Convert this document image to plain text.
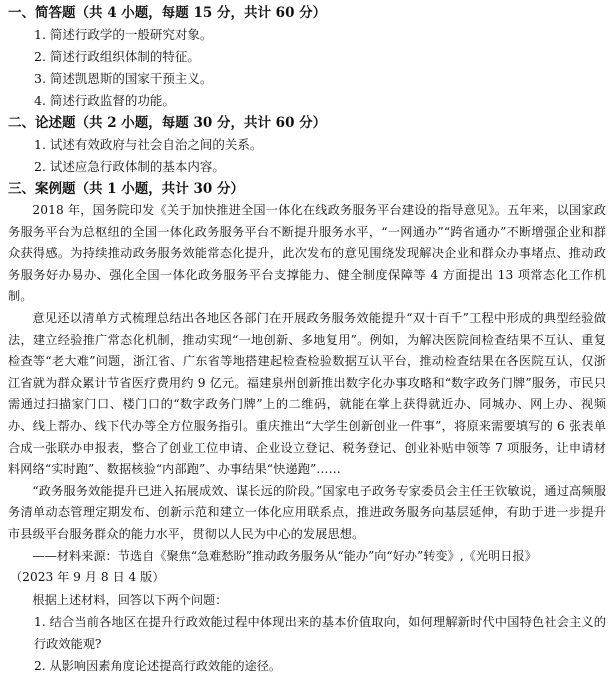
一、简答题（共 4 小题，每题 15 分，共计 60 分）

1. 简述行政学的一般研究对象。

2. 简述行政组织体制的特征。

3. 简述凯恩斯的国家干预主义。

4. 简述行政监督的功能。

二、论述题（共 2 小题，每题 30 分，共计 60 分）

1. 试述有效政府与社会自治之间的关系。

2. 试述应急行政体制的基本内容。

三、案例题（共 1 小题，共计 30 分）

2018 年，国务院印发《关于加快推进全国一体化在线政务服务平台建设的指导意见》。五年来，以国家政务服务平台为总枢纽的全国一体化政务服务平台不断提升服务水平，“一网通办”“跨省通办”不断增强企业和群众获得感。为持续推动政务服务效能常态化提升，此次发布的意见围绕发现解决企业和群众办事堵点、推动政务服务好办易办、强化全国一体化政务服务平台支撑能力、健全制度保障等 4 方面提出 13 项常态化工作机制。

意见还以清单方式梳理总结出各地区各部门在开展政务服务效能提升“双十百千”工程中形成的典型经验做法，建立经验推广常态化机制，推动实现“一地创新、多地复用”。例如，为解决医院间检查结果不互认、重复检查等“老大难”问题，浙江省、广东省等地搭建起检查检验数据互认平台，推动检查结果在各医院互认，仅浙江省就为群众累计节省医疗费用约 9 亿元。福建泉州创新推出数字化办事攻略和“数字政务门牌”服务，市民只需通过扫描家门口、楼门口的“数字政务门牌”上的二维码，就能在掌上获得就近办、同城办、网上办、视频办、线上帮办、线下代办等全方位服务指引。重庆推出“大学生创新创业一件事”，将原来需要填写的 6 张表单合成一张联办申报表，整合了创业工位申请、企业设立登记、税务登记、创业补贴申领等 7 项服务，让申请材料网络“实时跑”、数据核验“内部跑”、办事结果“快递跑”……

“政务服务效能提升已进入拓展成效、谋长远的阶段。”国家电子政务专家委员会主任王钦敏说，通过高频服务清单动态管理定期发布、创新示范和建立一体化应用联系点，推进政务服务向基层延伸，有助于进一步提升市县级平台服务群众的能力水平，贯彻以人民为中心的发展思想。

——材料来源：节选自《聚焦“急难愁盼”推动政务服务从“能办”向“好办”转变》,《光明日报》

（2023 年 9 月 8 日 4 版）

根据上述材料，回答以下两个问题：

1. 结合当前各地区在提升行政效能过程中体现出来的基本价值取向，如何理解新时代中国特色社会主义的行政效能观?

2. 从影响因素角度论述提高行政效能的途径。
